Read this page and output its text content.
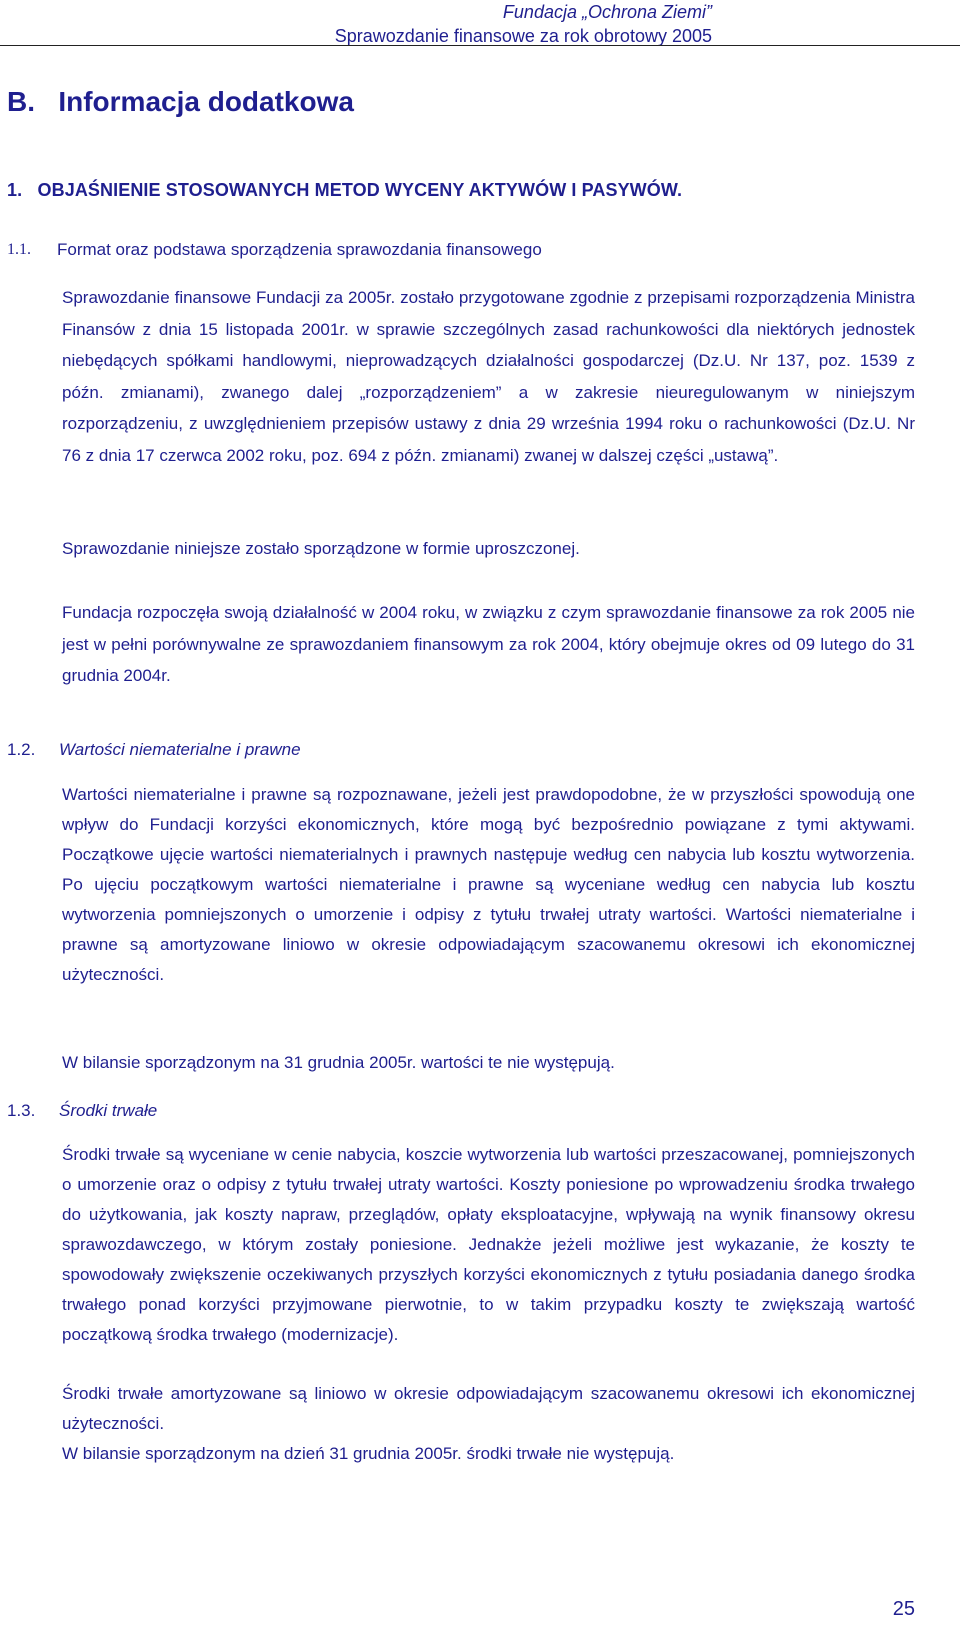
Fundacja „Ochrona Ziemi”
Sprawozdanie finansowe za rok obrotowy 2005
B.   Informacja dodatkowa
1.   OBJAŚNIENIE STOSOWANYCH METOD WYCENY AKTYWÓW I PASYWÓW.
1.1. Format oraz podstawa sporządzenia sprawozdania finansowego

Sprawozdanie finansowe Fundacji za 2005r. zostało przygotowane zgodnie z przepisami rozporządzenia Ministra Finansów z dnia 15 listopada 2001r. w sprawie szczególnych zasad rachunkowości dla niektórych jednostek niebędących spółkami handlowymi, nieprowadzących działalności gospodarczej (Dz.U. Nr 137, poz. 1539 z późn. zmianami), zwanego dalej „rozporządzeniem” a w zakresie nieuregulowanym w niniejszym rozporządzeniu, z uwzględnieniem przepisów ustawy z dnia 29 września 1994 roku o rachunkowości (Dz.U. Nr 76 z dnia 17 czerwca 2002 roku, poz. 694 z późn. zmianami) zwanej w dalszej części „ustawą”.

Sprawozdanie niniejsze zostało sporządzone w formie uproszczonej.

Fundacja rozpoczęła swoją działalność w 2004 roku, w związku z czym sprawozdanie finansowe za rok 2005 nie jest w pełni porównywalne ze sprawozdaniem finansowym za rok 2004, który obejmuje okres od 09 lutego do 31 grudnia 2004r.

1.2. Wartości niematerialne i prawne

Wartości niematerialne i prawne są rozpoznawane, jeżeli jest prawdopodobne, że w przyszłości spowodują one wpływ do Fundacji korzyści ekonomicznych, które mogą być bezpośrednio powiązane z tymi aktywami. Początkowe ujęcie wartości niematerialnych i prawnych następuje według cen nabycia lub kosztu wytworzenia. Po ujęciu początkowym wartości niematerialne i prawne są wyceniane według cen nabycia lub kosztu wytworzenia pomniejszonych o umorzenie i odpisy z tytułu trwałej utraty wartości. Wartości niematerialne i prawne są amortyzowane liniowo w okresie odpowiadającym szacowanemu okresowi ich ekonomicznej użyteczności.

W bilansie sporządzonym na 31 grudnia 2005r. wartości te nie występują.

1.3. Środki trwałe

Środki trwałe są wyceniane w cenie nabycia, koszcie wytworzenia lub wartości przeszacowanej, pomniejszonych o umorzenie oraz o odpisy z tytułu trwałej utraty wartości. Koszty poniesione po wprowadzeniu środka trwałego do użytkowania, jak koszty napraw, przeglądów, opłaty eksploatacyjne, wpływają na wynik finansowy okresu sprawozdawczego, w którym zostały poniesione. Jednakże jeżeli możliwe jest wykazanie, że koszty te spowodowały zwiększenie oczekiwanych przyszłych korzyści ekonomicznych z tytułu posiadania danego środka trwałego ponad korzyści przyjmowane pierwotnie, to w takim przypadku koszty te zwiększają wartość początkową środka trwałego (modernizacje).

Środki trwałe amortyzowane są liniowo w okresie odpowiadającym szacowanemu okresowi ich ekonomicznej użyteczności.

W bilansie sporządzonym na dzień 31 grudnia 2005r. środki trwałe nie występują.

25
